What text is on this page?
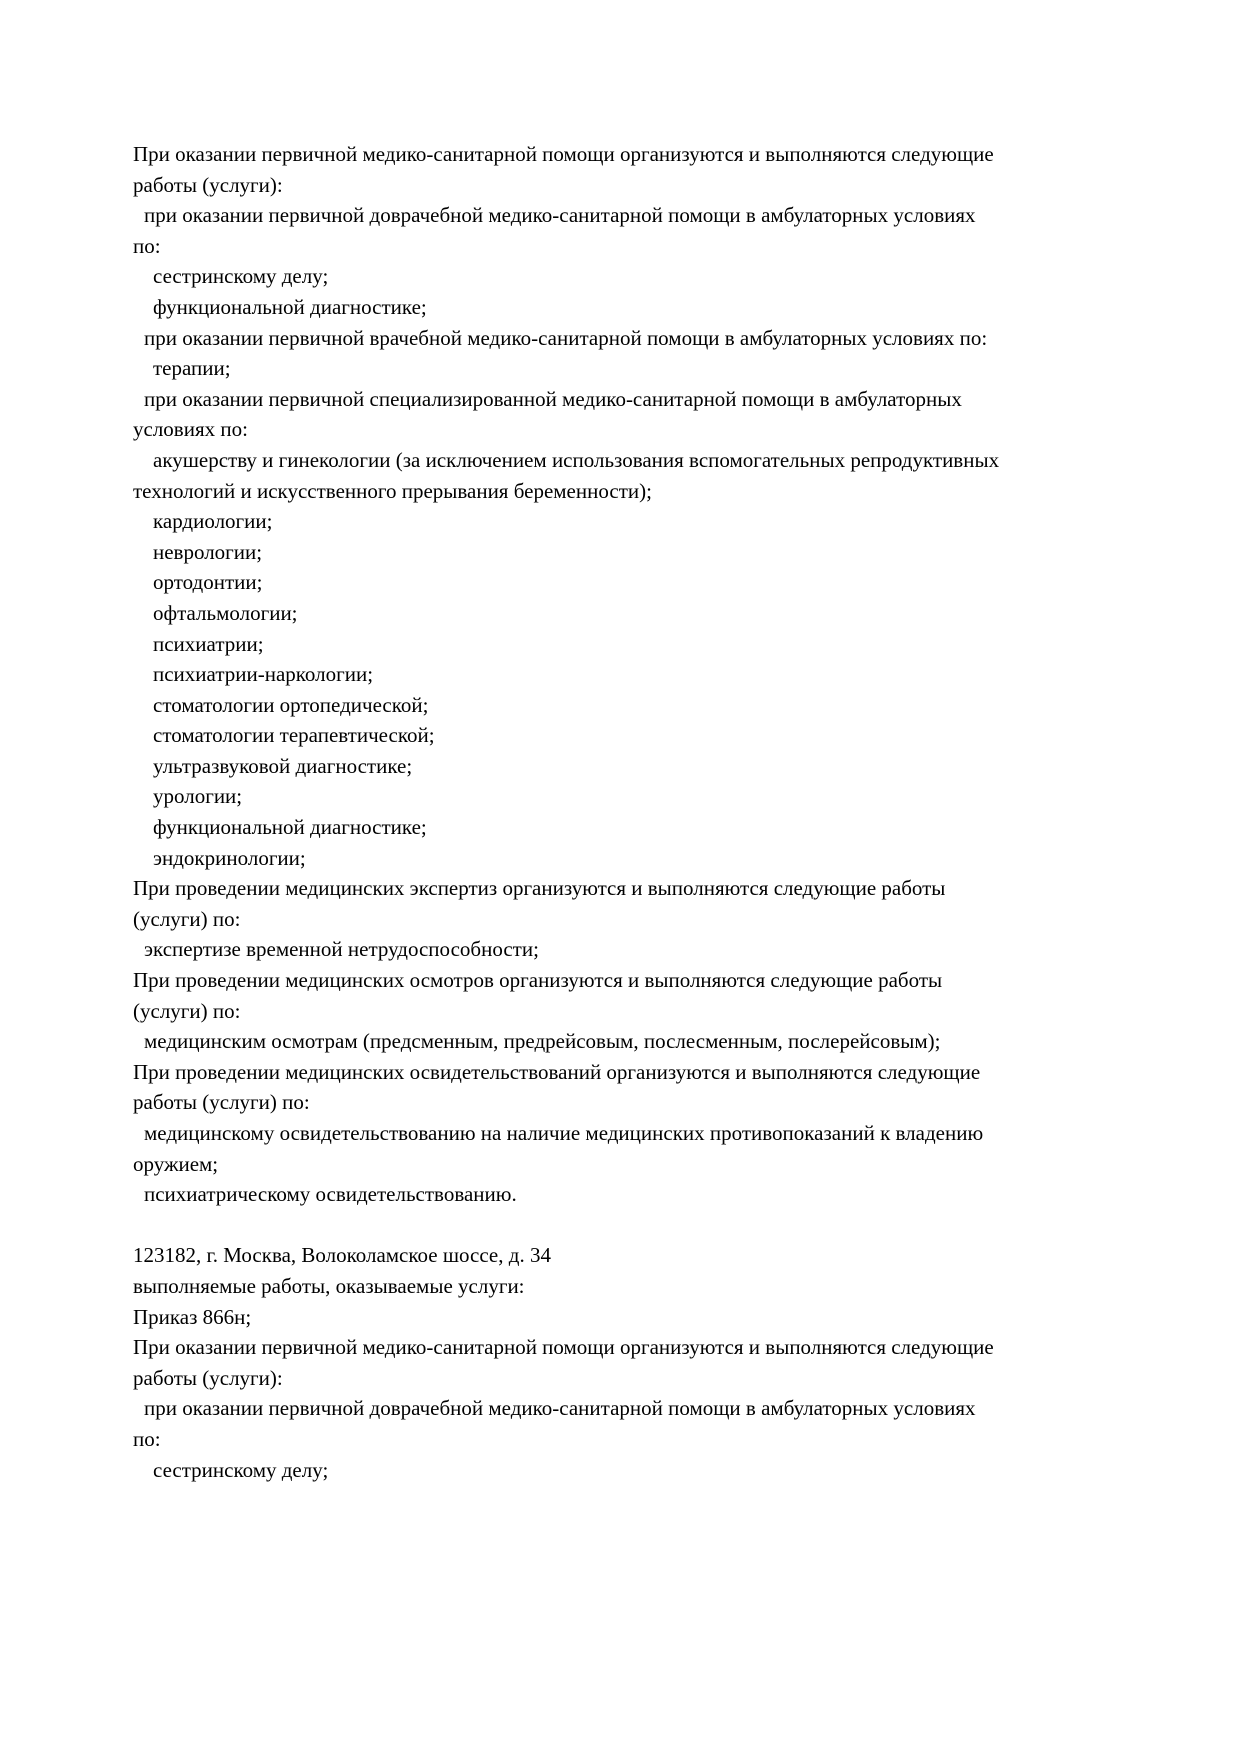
При оказании первичной медико-санитарной помощи организуются и выполняются следующие
работы (услуги):
при оказании первичной доврачебной медико-санитарной помощи в амбулаторных условиях
по:
сестринскому делу;
функциональной диагностике;
при оказании первичной врачебной медико-санитарной помощи в амбулаторных условиях по:
терапии;
при оказании первичной специализированной медико-санитарной помощи в амбулаторных
условиях по:
акушерству и гинекологии (за исключением использования вспомогательных репродуктивных
технологий и искусственного прерывания беременности);
кардиологии;
неврологии;
ортодонтии;
офтальмологии;
психиатрии;
психиатрии-наркологии;
стоматологии ортопедической;
стоматологии терапевтической;
ультразвуковой диагностике;
урологии;
функциональной диагностике;
эндокринологии;
При проведении медицинских экспертиз организуются и выполняются следующие работы
(услуги) по:
экспертизе временной нетрудоспособности;
При проведении медицинских осмотров организуются и выполняются следующие работы
(услуги) по:
медицинским осмотрам (предсменным, предрейсовым, послесменным, послерейсовым);
При проведении медицинских освидетельствований организуются и выполняются следующие
работы (услуги) по:
медицинскому освидетельствованию на наличие медицинских противопоказаний к владению
оружием;
психиатрическому освидетельствованию.

123182, г. Москва, Волоколамское шоссе, д. 34
выполняемые работы, оказываемые услуги:
Приказ 866н;
При оказании первичной медико-санитарной помощи организуются и выполняются следующие
работы (услуги):
при оказании первичной доврачебной медико-санитарной помощи в амбулаторных условиях
по:
сестринскому делу;
